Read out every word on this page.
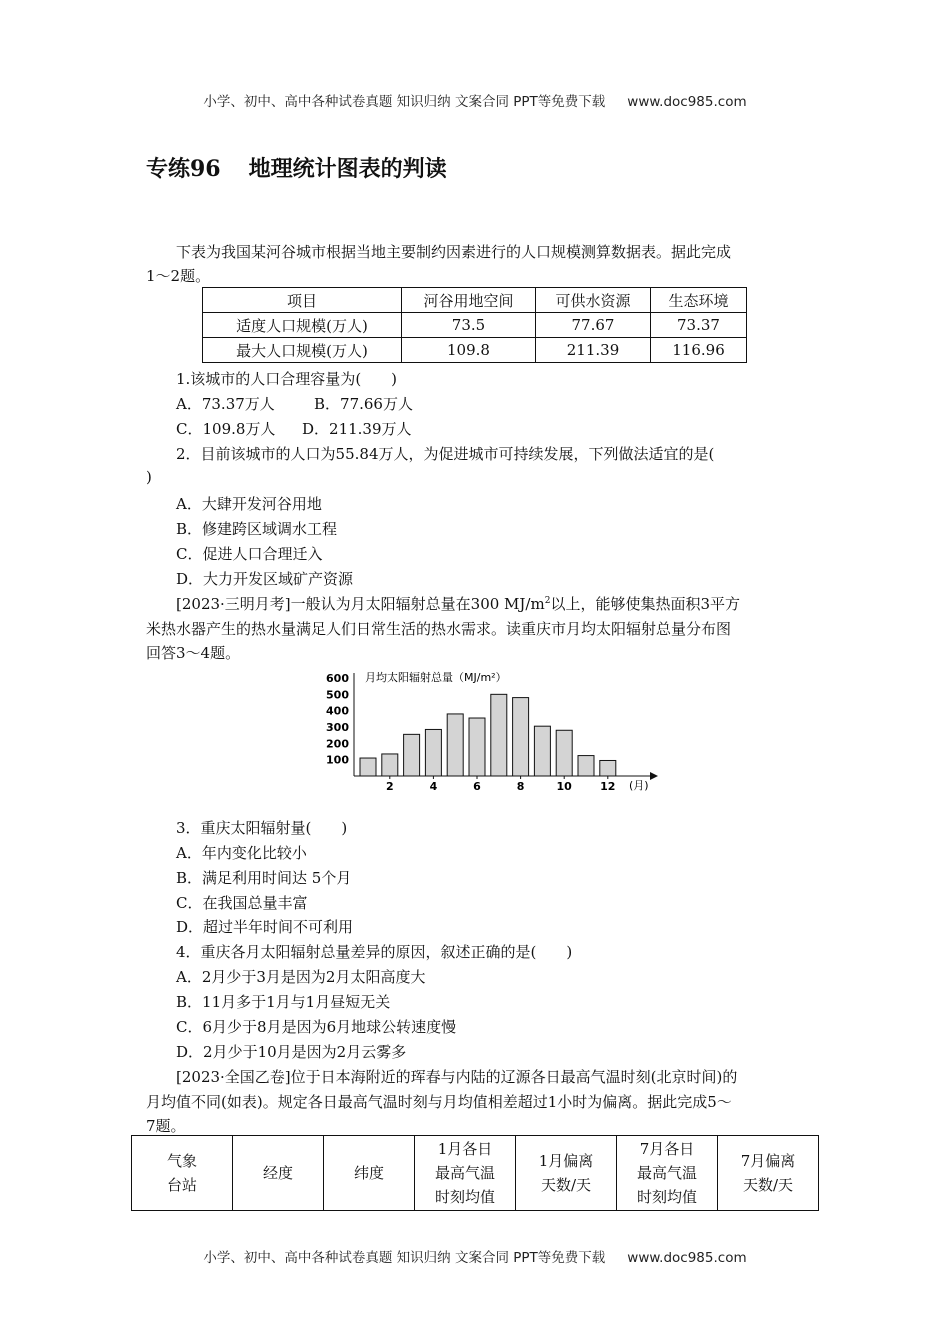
小学、初中、高中各种试卷真题 知识归纳 文案合同 PPT等免费下载 www.doc985.com
专练96 地理统计图表的判读
下表为我国某河谷城市根据当地主要制约因素进行的人口规模测算数据表。据此完成
1～2题。
项目	河谷用地空间	可供水资源	生态环境
适度人口规模(万人)	73.5	77.67	73.37
最大人口规模(万人)	109.8	211.39	116.96
1.该城市的人口合理容量为(　　)
A．73.37万人	B．77.66万人
C．109.8万人 D．211.39万人
2．目前该城市的人口为55.84万人，为促进城市可持续发展，下列做法适宜的是(
)
A．大肆开发河谷用地
B．修建跨区域调水工程
C．促进人口合理迁入
D．大力开发区域矿产资源
[2023·三明月考]一般认为月太阳辐射总量在300 $MJ/m^2$以上，能够使集热面积3平方
米热水器产生的热水量满足人们日常生活的热水需求。读重庆市月均太阳辐射总量分布图
回答3～4题。
月均太阳辐射总量（MJ/m²）
(月)
100
200
300
400
500
600
2	4	6	8	10	12
3．重庆太阳辐射量(　　)
A．年内变化比较小
B．满足利用时间达 5个月
C．在我国总量丰富
D．超过半年时间不可利用
4．重庆各月太阳辐射总量差异的原因，叙述正确的是(　　)
A．2月少于3月是因为2月太阳高度大
B．11月多于1月与1月昼短无关
C．6月少于8月是因为6月地球公转速度慢
D．2月少于10月是因为2月云雾多
[2023·全国乙卷]位于日本海附近的珲春与内陆的辽源各日最高气温时刻(北京时间)的
月均值不同(如表)。规定各日最高气温时刻与月均值相差超过1小时为偏离。据此完成5～
7题。
气象
台站	经度	纬度	1月各日
最高气温
时刻均值	1月偏离
天数/天	7月各日
最高气温
时刻均值	7月偏离
天数/天
小学、初中、高中各种试卷真题 知识归纳 文案合同 PPT等免费下载 www.doc985.com
